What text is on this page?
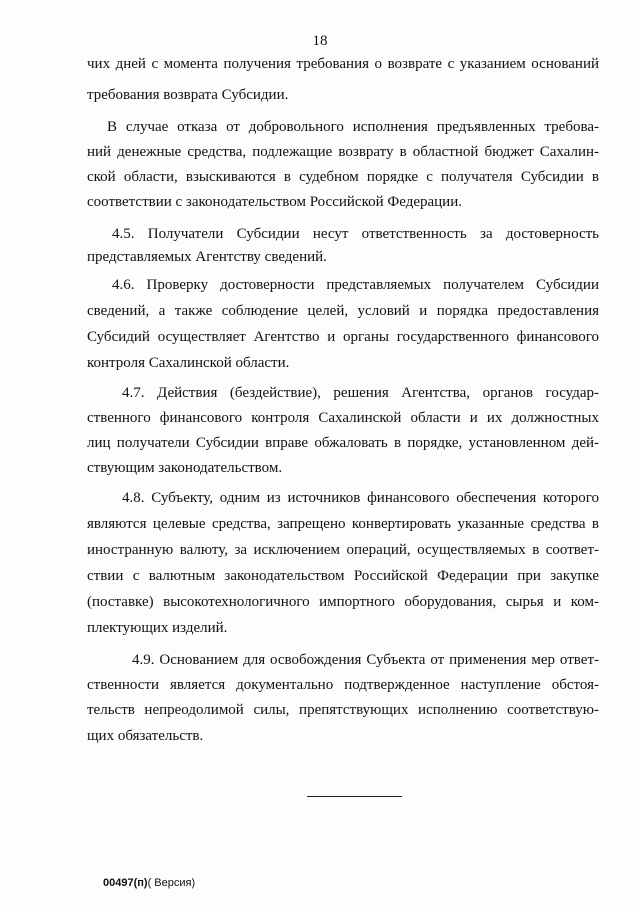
18
чих дней с момента получения требования о возврате с указанием оснований
требования возврата Субсидии.
В случае отказа от добровольного исполнения предъявленных требова-
ний денежные средства, подлежащие возврату в областной бюджет Сахалин-
ской области, взыскиваются в судебном порядке с получателя Субсидии в
соответствии с законодательством Российской Федерации.
4.5. Получатели Субсидии несут ответственность за достоверность
представляемых Агентству сведений.
4.6. Проверку достоверности представляемых получателем Субсидии
сведений, а также соблюдение целей, условий и порядка предоставления
Субсидий осуществляет Агентство и органы государственного финансового
контроля Сахалинской области.
4.7. Действия (бездействие), решения Агентства, органов государ-
ственного финансового контроля Сахалинской области и их должностных
лиц получатели Субсидии вправе обжаловать в порядке, установленном дей-
ствующим законодательством.
4.8. Субъекту, одним из источников финансового обеспечения которого
являются целевые средства, запрещено конвертировать указанные средства в
иностранную валюту, за исключением операций, осуществляемых в соответ-
ствии с валютным законодательством Российской Федерации при закупке
(поставке) высокотехнологичного импортного оборудования, сырья и ком-
плектующих изделий.
4.9. Основанием для освобождения Субъекта от применения мер ответ-
ственности является документально подтвержденное наступление обстоя-
тельств непреодолимой силы, препятствующих исполнению соответствую-
щих обязательств.
00497(п)( Версия)
